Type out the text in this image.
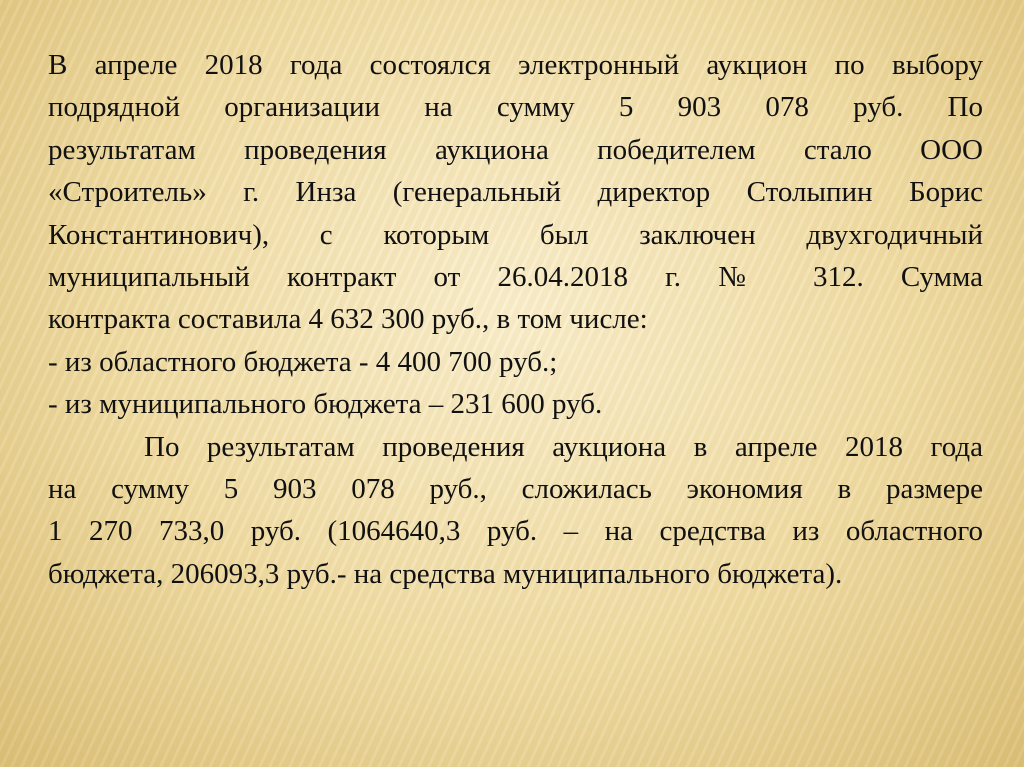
В апреле 2018 года состоялся электронный аукцион по выбору
подрядной организации на сумму 5 903 078 руб. По
результатам проведения аукциона победителем стало ООО
«Строитель» г. Инза (генеральный директор Столыпин Борис
Константинович), с которым был заключен двухгодичный
муниципальный контракт от 26.04.2018 г. № 312. Сумма
контракта составила 4 632 300 руб., в том числе:
- из областного бюджета - 4 400 700 руб.;
- из муниципального бюджета – 231 600 руб.
По результатам проведения аукциона в апреле 2018 года
на сумму 5 903 078 руб., сложилась экономия в размере
1 270 733,0 руб. (1064640,3 руб. – на средства из областного
бюджета, 206093,3 руб.- на средства муниципального бюджета).
